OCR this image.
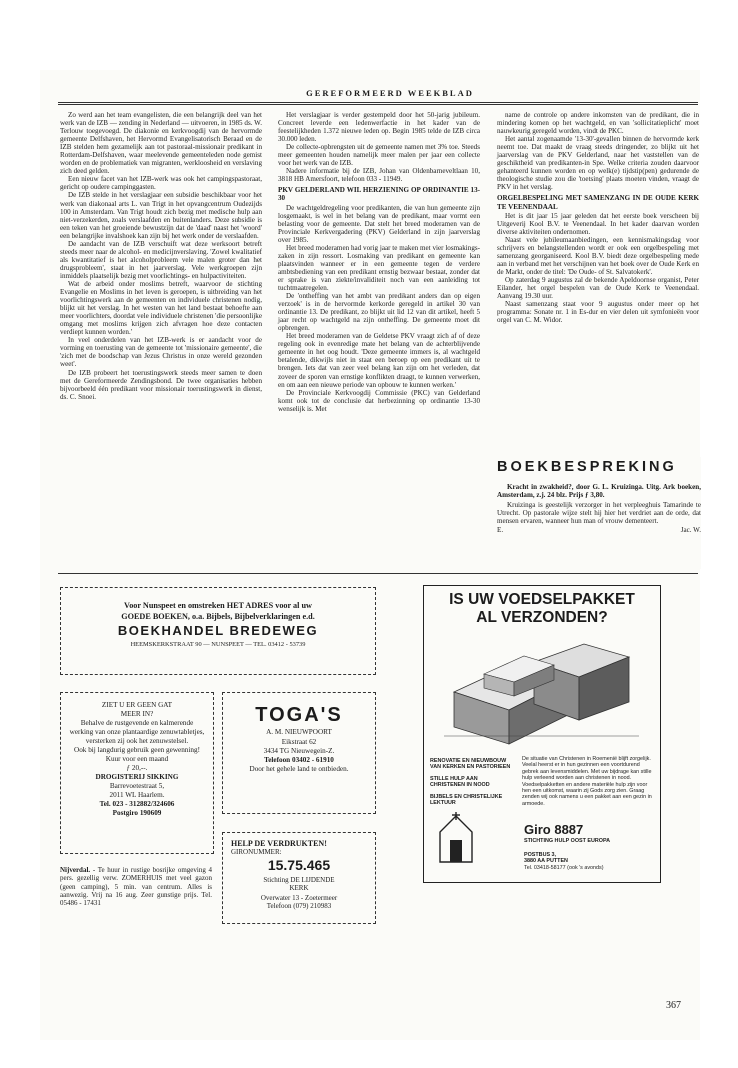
GEREFORMEERD WEEKBLAD

Zo werd aan het team evangelisten, die een belangrijk deel van het werk van de IZB — zending in Nederland — uitvoeren, in 1985 ds. W. Terlouw toegevoegd. De diakonie en kerkvoogdij van de hervormde gemeente Delfshaven, het Hervormd Evangelisatorisch Beraad en de IZB stelden hem gezamelijk aan tot pastoraal-missionair predikant in Rotterdam-Delfshaven, waar meelevende gemeenteleden node gemist worden en de problematiek van migranten, werkloosheid en verslaving zich deed gelden.

Een nieuw facet van het IZB-werk was ook het campingspastoraat, gericht op oudere campinggasten.

De IZB stelde in het verslagjaar een subsidie beschikbaar voor het werk van diakonaal arts L. van Trigt in het opvangcentrum Oudezijds 100 in Amsterdam. Van Trigt houdt zich bezig met medische hulp aan niet-verzekerden, zoals verslaafden en buitenlanders. Deze subsidie is een teken van het groeiende bewustzijn dat de 'daad' naast het 'woord' een belangrijke invalshoek kan zijn bij het werk onder de verslaafden.

De aandacht van de IZB verschuift wat deze werksoort betreft steeds meer naar de alcohol- en medicijnverslaving. 'Zowel kwalitatief als kwantitatief is het alcoholprobleem vele malen groter dan het drugsprobleem', staat in het jaarverslag. Vele werkgroepen zijn inmiddels plaatselijk bezig met voorlichtings- en hulpactiviteiten.

Wat de arbeid onder moslims betreft, waarvoor de stichting Evangelie en Moslims in het leven is geroepen, is uitbreiding van het voorlichtingswerk aan de gemeenten en individuele christenen nodig, blijkt uit het verslag. In het westen van het land bestaat behoefte aan meer voorlichters, doordat vele individuele christenen 'die persoonlijke omgang met moslims krijgen zich afvragen hoe deze contacten verdiept kunnen worden.'

In veel onderdelen van het IZB-werk is er aandacht voor de vorming en toerusting van de gemeente tot 'missionaire gemeente', die 'zich met de boodschap van Jezus Christus in onze wereld gezonden weet'.

De IZB probeert het toerustingswerk steeds meer samen te doen met de Gereformeerde Zendingsbond. De twee organisaties hebben bijvoorbeeld één predikant voor missionair toerustingswerk in dienst, ds. C. Snoei.

Het verslagjaar is verder gestempeld door het 50-jarig jubileum. Concreet leverde een ledenwerfactie in het kader van de feestelijkheden 1.372 nieuwe leden op. Begin 1985 telde de IZB circa 30.000 leden.

De collecte-opbrengsten uit de gemeente namen met 3% toe. Steeds meer gemeenten houden namelijk meer malen per jaar een collecte voor het werk van de IZB.

Nadere informatie bij de IZB, Johan van Oldenbarneveltlaan 10, 3818 HB Amersfoort, telefoon 033 - 11949.

PKV GELDERLAND WIL HERZIENING OP ORDINANTIE 13-30

De wachtgeldregeling voor predikanten, die van hun gemeente zijn losgemaakt, is wel in het belang van de predikant, maar vormt een belasting voor de gemeente. Dat stelt het breed moderamen van de Provinciale Kerkvergadering (PKV) Gelderland in zijn jaarverslag over 1985.

Het breed moderamen had vorig jaar te maken met vier losmakings-zaken in zijn ressort. Losmaking van predikant en gemeente kan plaatsvinden wanneer er in een gemeente tegen de verdere ambtsbediening van een predikant ernstig bezwaar bestaat, zonder dat er sprake is van ziekte/invaliditeit noch van een aanleiding tot tuchtmaatregelen.

De 'ontheffing van het ambt van predikant anders dan op eigen verzoek' is in de hervormde kerkorde geregeld in artikel 30 van ordinantie 13. De predikant, zo blijkt uit lid 12 van dit artikel, heeft 5 jaar recht op wachtgeld na zijn ontheffing. De gemeente moet dit opbrengen.

Het breed moderamen van de Geldetse PKV vraagt zich af of deze regeling ook in evenredige mate het belang van de achterblijvende gemeente in het oog houdt. 'Deze gemeente immers is, al wachtgeld betalende, dikwijls niet in staat een beroep op een predikant uit te brengen. Iets dat van zeer veel belang kan zijn om het verleden, dat zoveer de sporen van ernstige konflikten draagt, te kunnen verwerken, en om aan een nieuwe periode van opbouw te kunnen werken.'

De Provinciale Kerkvoogdij Commissie (PKC) van Gelderland komt ook tot de conclusie dat herbezinning op ordinantie 13-30 wenselijk is. Met

name de controle op andere inkomsten van de predikant, die in mindering komen op het wachtgeld, en van 'sollicitatieplicht' moet nauwkeurig geregeld worden, vindt de PKC.

Het aantal zogenaamde '13-30'-gevallen binnen de hervormde kerk neemt toe. Dat maakt de vraag steeds dringender, zo blijkt uit het jaarverslag van de PKV Gelderland, naar het vaststellen van de geschiktheid van predikanten-in Spe. Welke criteria zouden daarvoor gehanteerd kunnen worden en op welk(e) tijdstip(pen) gedurende de theologische studie zou die 'toetsing' plaats moeten vinden, vraagt de PKV in het verslag.

ORGELBESPELING MET SAMENZANG IN DE OUDE KERK TE VEENENDAAL

Het is dit jaar 15 jaar geleden dat het eerste boek verscheen bij Uitgeverij Kool B.V. te Veenendaal. In het kader daarvan worden diverse aktiviteiten ondernomen.

Naast vele jubileumaanbiedingen, een kennismakingsdag voor schrijvers en belangstellenden wordt er ook een orgelbespeling met samenzang georganiseerd. Kool B.V. biedt deze orgelbespeling mede aan in verband met het verschijnen van het boek over de Oude Kerk en de Markt, onder de titel: 'De Oude- of St. Salvatokerk'.

Op zaterdag 9 augustus zal de bekende Apeldoornse organist, Peter Eilander, het orgel bespelen van de Oude Kerk te Veenendaal. Aanvang 19.30 uur.

Naast samenzang staat voor 9 augustus onder meer op het programma: Sonate nr. 1 in Es-dur en vier delen uit symfonieën voor orgel van C. M. Widor.

BOEKBESPREKING
Kracht in zwakheid?, door G. L. Kruizinga. Uitg. Ark boeken, Amsterdam, z.j. 24 blz. Prijs ƒ 3,80.
Kruizinga is geestelijk verzorger in het verpleeghuis Tamarinde te Utrecht. Op pastorale wijze stelt hij hier het verdriet aan de orde, dat mensen ervaren, wanneer hun man of vrouw dementeert.
E.	Jac. W.
Voor Nunspeet en omstreken HET ADRES voor al uw
GOEDE BOEKEN, o.a. Bijbels, Bijbelverklaringen e.d.
BOEKHANDEL BREDEWEG
HEEMSKERKSTRAAT 90 — NUNSPEET — TEL. 03412 - 53739
ZIET U ER GEEN GAT
MEER IN?
Behalve de rustgevende en kalmerende werking van onze plantaardige zenuwtabletjes, versterken zij ook het zenuwstelsel.
Ook bij langdurig gebruik geen gewenning!
Kuur voor een maand
ƒ 20,--.
DROGISTERIJ SIKKING
Barrevoetestraat 5,
2011 WL Haarlem.
Tel. 023 - 312882/324606
Postgiro 190609
TOGA'S
A. M. NIEUWPOORT
Eikstraat 62
3434 TG Nieuwegein-Z.
Telefoon 03402 - 61910
Door het gehele land te ontbieden.
HELP DE VERDRUKTEN!
GIRONUMMER:
15.75.465
Stichting DE LIJDENDE
KERK
Overwater 13 - Zoetermeer
Telefoon (079) 210983
Nijverdal. - Te huur in rustige bosrijke omgeving 4 pers. gezellig verw. ZOMERHUIS met veel gazon (geen camping), 5 min. van centrum. Alles is aanwezig. Vrij na 16 aug. Zeer gunstige prijs. Tel. 05486 - 17431
IS UW VOEDSELPAKKET
AL VERZONDEN?
RENOVATIE EN NIEUWBOUW
VAN KERKEN EN PASTORIEEN
STILLE HULP AAN
CHRISTENEN IN NOOD
BIJBELS EN CHRISTELIJKE
LEKTUUR
De situatie van Christenen in Roemenië blijft zorgelijk. Veelal heerst er in hun gezinnen een voortdurend gebrek aan levensmiddelen. Met uw bijdrage kan stille hulp verleend worden aan christenen in nood. Voedselpakketten en andere materiële hulp zijn voor hen een uitkomst, waarin zij Gods zorg zien. Graag zenden wij ook namens u een pakket aan een gezin in armoede.
Giro 8887
STICHTING HULP OOST EUROPA
POSTBUS 3,
3880 AA PUTTEN
Tel. 03418-58177 (ook 's avonds)
367
